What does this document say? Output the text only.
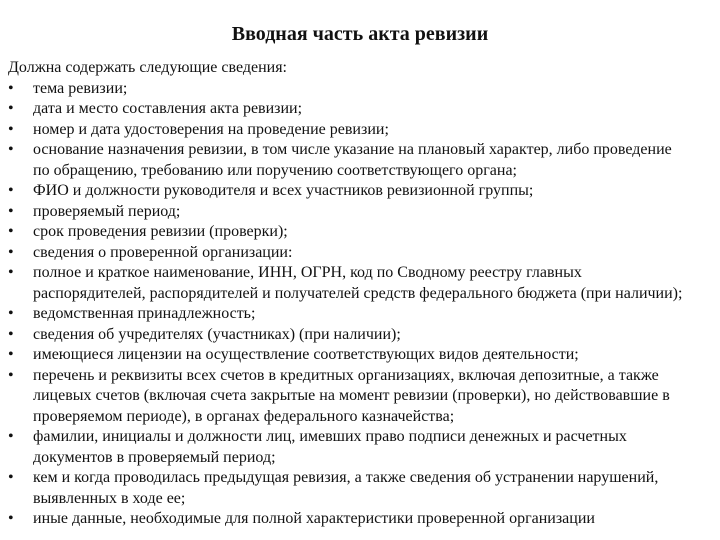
Вводная часть акта ревизии

Должна содержать следующие сведения:

•	тема ревизии;
•	дата и место составления акта ревизии;
•	номер и дата удостоверения на проведение ревизии;
•	основание назначения ревизии, в том числе указание на плановый характер, либо проведение по обращению, требованию или поручению соответствующего органа;
•	ФИО и должности руководителя и всех участников ревизионной группы;
•	проверяемый период;
•	срок проведения ревизии (проверки);
•	сведения о проверенной организации:
•	полное и краткое наименование, ИНН, ОГРН, код по Сводному реестру главных распорядителей, распорядителей и получателей средств федерального бюджета (при наличии);
•	ведомственная принадлежность;
•	сведения об учредителях (участниках) (при наличии);
•	имеющиеся лицензии на осуществление соответствующих видов деятельности;
•	перечень и реквизиты всех счетов в кредитных организациях, включая депозитные, а также лицевых счетов (включая счета закрытые на момент ревизии (проверки), но действовавшие в проверяемом периоде), в органах федерального казначейства;
•	фамилии, инициалы и должности лиц, имевших право подписи денежных и расчетных документов в проверяемый период;
•	кем и когда проводилась предыдущая ревизия, а также сведения об устранении нарушений, выявленных в ходе ее;
•	иные данные, необходимые для полной характеристики проверенной организации
